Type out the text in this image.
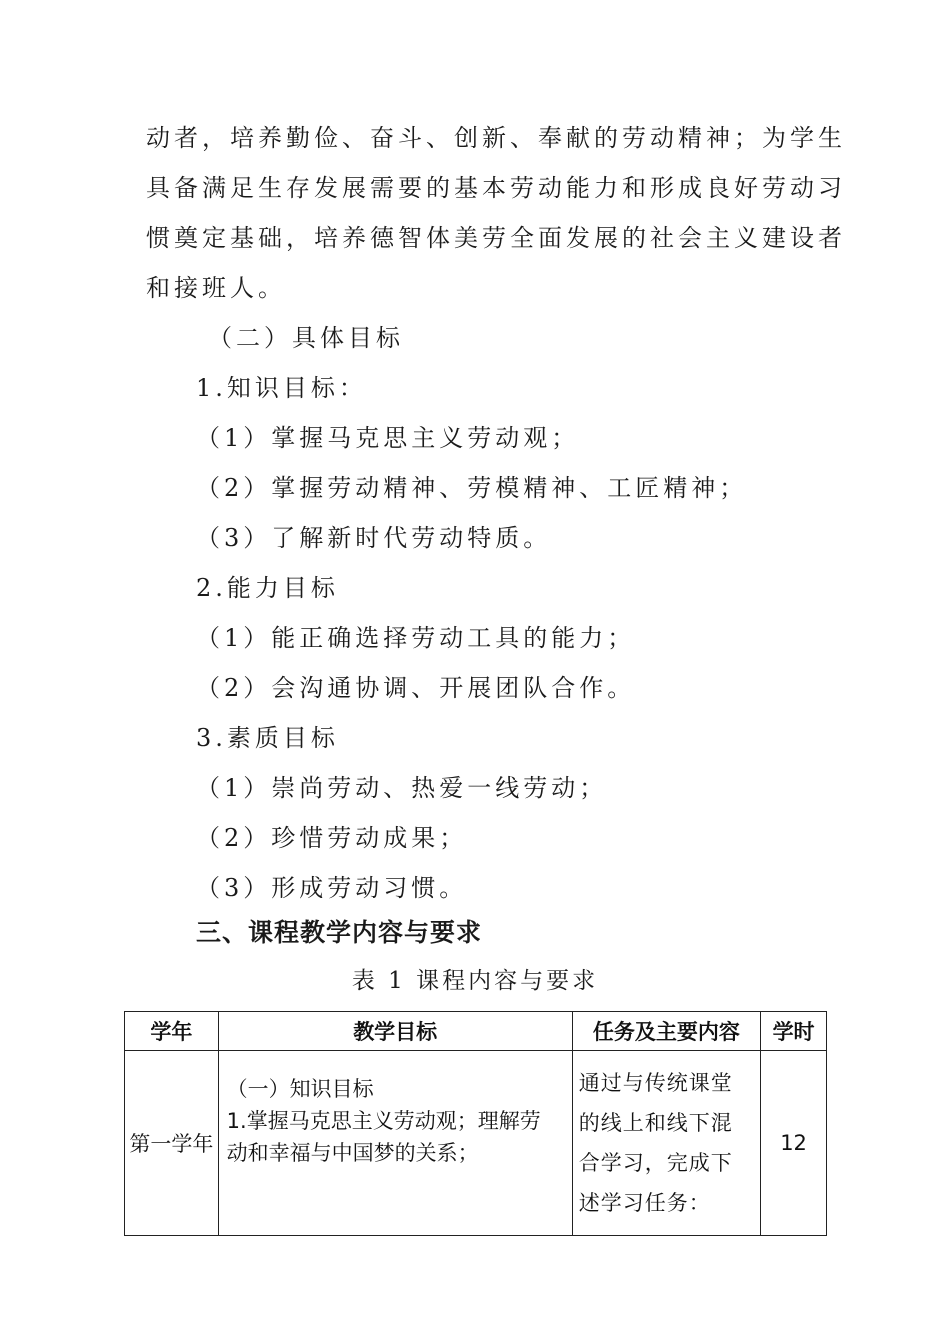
动者，培养勤俭、奋斗、创新、奉献的劳动精神；为学生
具备满足生存发展需要的基本劳动能力和形成良好劳动习
惯奠定基础，培养德智体美劳全面发展的社会主义建设者
和接班人。
（二）具体目标
1.知识目标：
（1）掌握马克思主义劳动观；
（2）掌握劳动精神、劳模精神、工匠精神；
（3）了解新时代劳动特质。
2.能力目标
（1）能正确选择劳动工具的能力；
（2）会沟通协调、开展团队合作。
3.素质目标
（1）崇尚劳动、热爱一线劳动；
（2）珍惜劳动成果；
（3）形成劳动习惯。
三、课程教学内容与要求
表 1 课程内容与要求
学年	教学目标	任务及主要内容	学时
第一学年	（一）知识目标
1.掌握马克思主义劳动观；理解劳
动和幸福与中国梦的关系；	通过与传统课堂
的线上和线下混
合学习，完成下
述学习任务：	12
